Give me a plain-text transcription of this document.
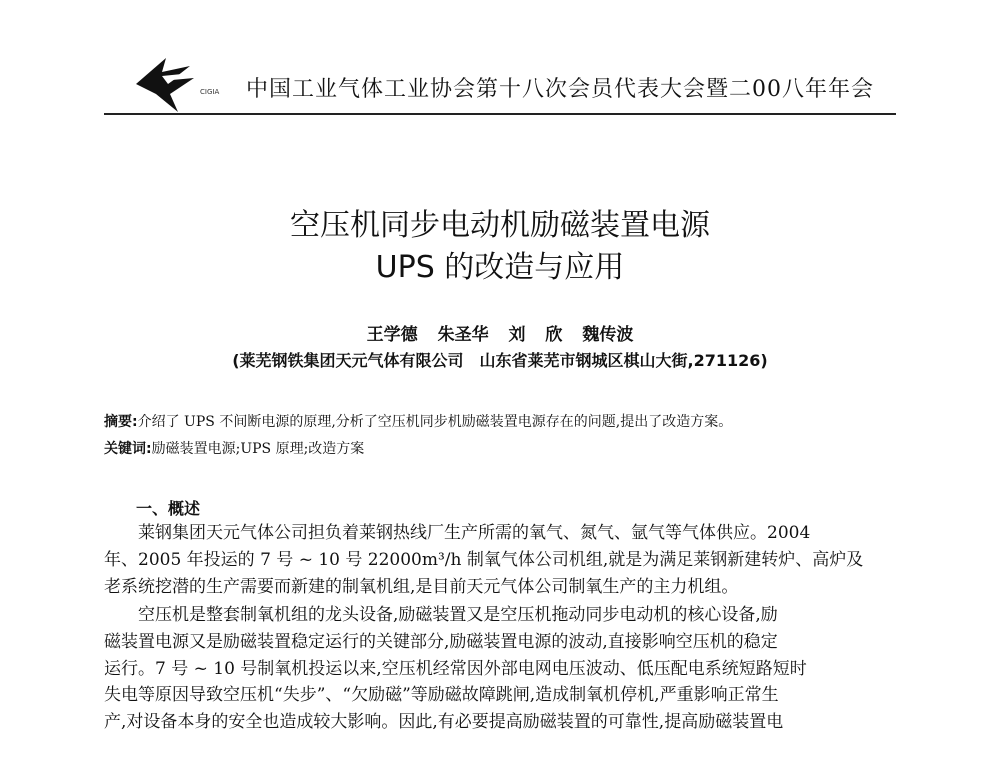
CIGIA 中国工业气体工业协会第十八次会员代表大会暨二00八年年会
空压机同步电动机励磁装置电源
UPS 的改造与应用
王学德 朱圣华 刘 欣 魏传波
(莱芜钢铁集团天元气体有限公司　山东省莱芜市钢城区棋山大街,271126)
摘要:介绍了 UPS 不间断电源的原理,分析了空压机同步机励磁装置电源存在的问题,提出了改造方案。
关键词:励磁装置电源;UPS 原理;改造方案
一、概述
　　莱钢集团天元气体公司担负着莱钢热线厂生产所需的氧气、氮气、氩气等气体供应。2004
年、2005 年投运的 7 号 ~ 10 号 22000m³/h 制氧气体公司机组,就是为满足莱钢新建转炉、高炉及
老系统挖潜的生产需要而新建的制氧机组,是目前天元气体公司制氧生产的主力机组。
　　空压机是整套制氧机组的龙头设备,励磁装置又是空压机拖动同步电动机的核心设备,励
磁装置电源又是励磁装置稳定运行的关键部分,励磁装置电源的波动,直接影响空压机的稳定
运行。7 号 ~ 10 号制氧机投运以来,空压机经常因外部电网电压波动、低压配电系统短路短时
失电等原因导致空压机“失步”、“欠励磁”等励磁故障跳闸,造成制氧机停机,严重影响正常生
产,对设备本身的安全也造成较大影响。因此,有必要提高励磁装置的可靠性,提高励磁装置电
